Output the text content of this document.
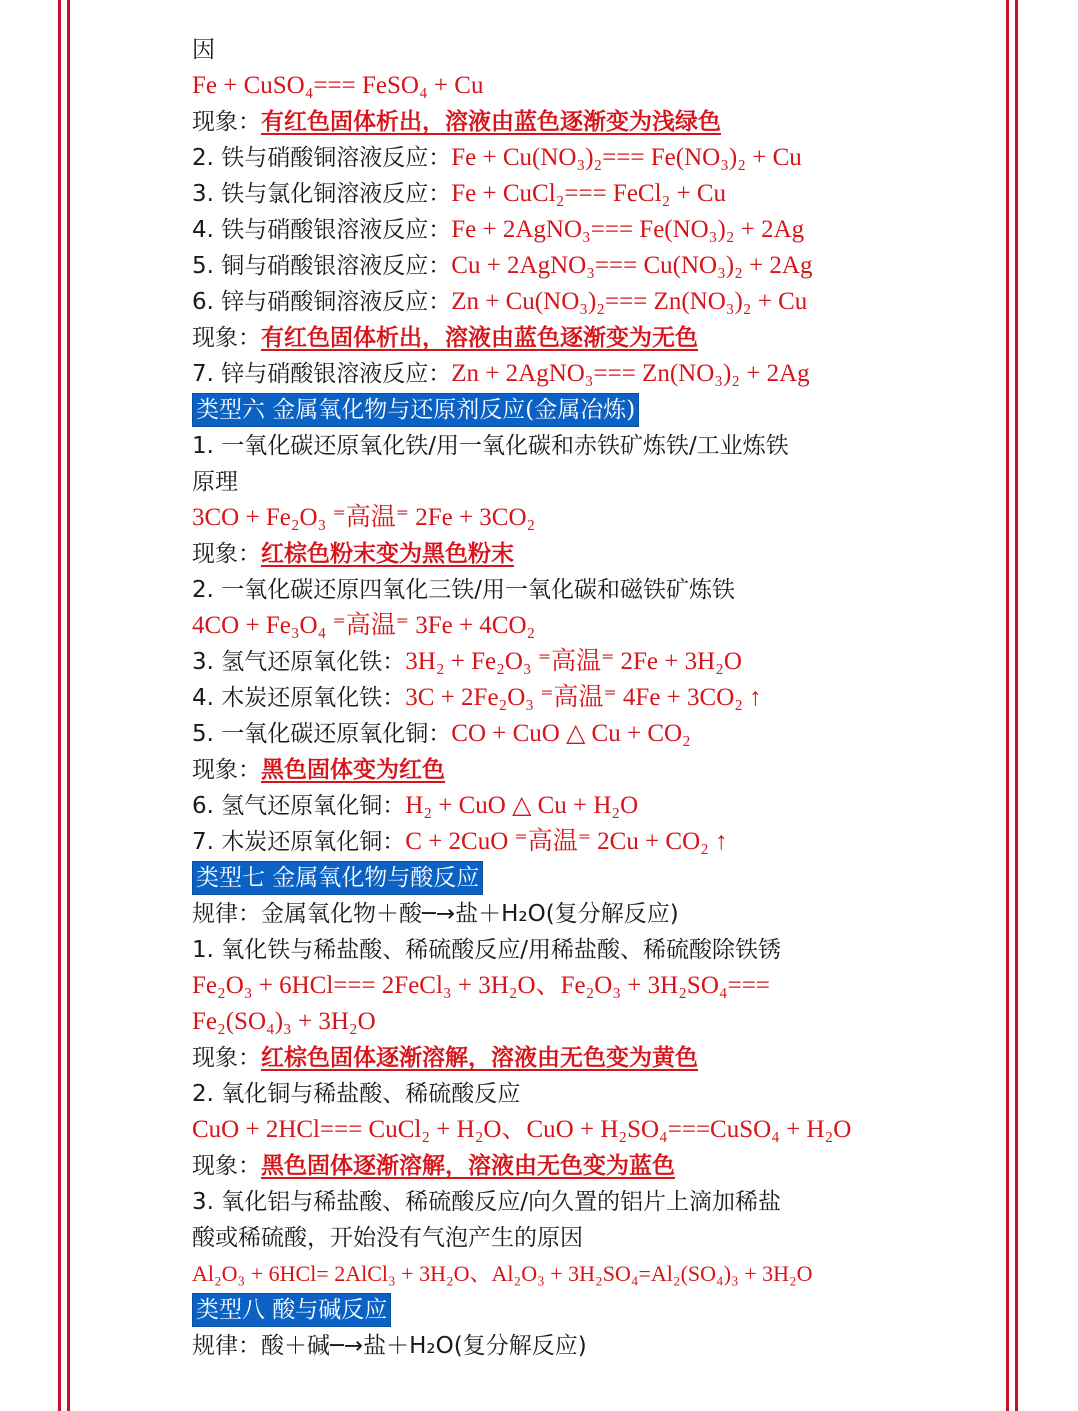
因
Fe + CuSO₄=== FeSO₄ + Cu
现象：有红色固体析出，溶液由蓝色逐渐变为浅绿色
2. 铁与硝酸铜溶液反应：Fe + Cu(NO₃)₂=== Fe(NO₃)₂ + Cu
3. 铁与氯化铜溶液反应：Fe + CuCl₂=== FeCl₂ + Cu
4. 铁与硝酸银溶液反应：Fe + 2AgNO₃=== Fe(NO₃)₂ + 2Ag
5. 铜与硝酸银溶液反应：Cu + 2AgNO₃=== Cu(NO₃)₂ + 2Ag
6. 锌与硝酸铜溶液反应：Zn + Cu(NO₃)₂=== Zn(NO₃)₂ + Cu
现象：有红色固体析出，溶液由蓝色逐渐变为无色
7. 锌与硝酸银溶液反应：Zn + 2AgNO₃=== Zn(NO₃)₂ + 2Ag
类型六 金属氧化物与还原剂反应(金属冶炼)
1. 一氧化碳还原氧化铁/用一氧化碳和赤铁矿炼铁/工业炼铁
原理
3CO + Fe₂O₃ ⁼高温⁼ 2Fe + 3CO₂
现象：红棕色粉末变为黑色粉末
2. 一氧化碳还原四氧化三铁/用一氧化碳和磁铁矿炼铁
4CO + Fe₃O₄ ⁼高温⁼ 3Fe + 4CO₂
3. 氢气还原氧化铁：3H₂ + Fe₂O₃ ⁼高温⁼ 2Fe + 3H₂O
4. 木炭还原氧化铁：3C + 2Fe₂O₃ ⁼高温⁼ 4Fe + 3CO₂ ↑
5. 一氧化碳还原氧化铜：CO + CuO △ Cu + CO₂
现象：黑色固体变为红色
6. 氢气还原氧化铜：H₂ + CuO △ Cu + H₂O
7. 木炭还原氧化铜：C + 2CuO ⁼高温⁼ 2Cu + CO₂ ↑
类型七 金属氧化物与酸反应
规律：金属氧化物＋酸─→盐＋H₂O(复分解反应)
1. 氧化铁与稀盐酸、稀硫酸反应/用稀盐酸、稀硫酸除铁锈
Fe₂O₃ + 6HCl=== 2FeCl₃ + 3H₂O、Fe₂O₃ + 3H₂SO₄===
Fe₂(SO₄)₃ + 3H₂O
现象：红棕色固体逐渐溶解，溶液由无色变为黄色
2. 氧化铜与稀盐酸、稀硫酸反应
CuO + 2HCl=== CuCl₂ + H₂O、CuO + H₂SO₄===CuSO₄ + H₂O
现象：黑色固体逐渐溶解，溶液由无色变为蓝色
3. 氧化铝与稀盐酸、稀硫酸反应/向久置的铝片上滴加稀盐
酸或稀硫酸，开始没有气泡产生的原因
Al₂O₃ + 6HCl= 2AlCl₃ + 3H₂O、Al₂O₃ + 3H₂SO₄=Al₂(SO₄)₃ + 3H₂O
类型八 酸与碱反应
规律：酸＋碱─→盐＋H₂O(复分解反应)
